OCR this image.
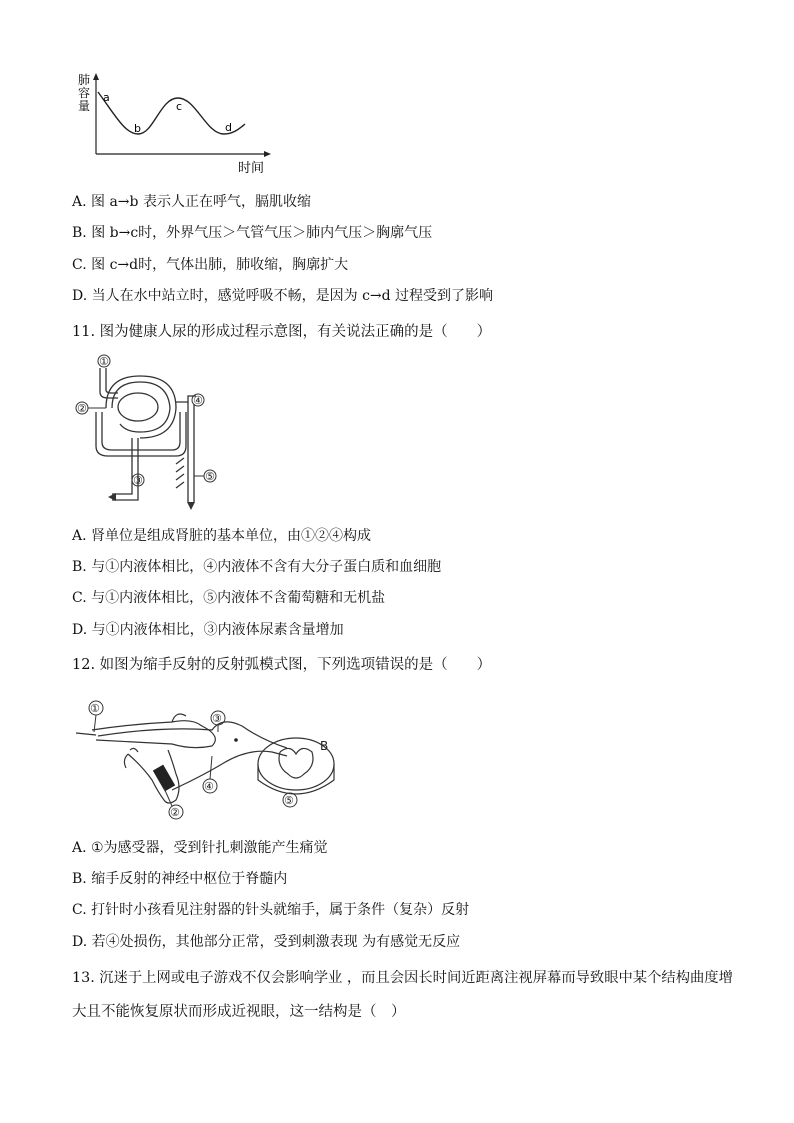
肺
容
量
a
b
c
d
时间
A. 图 a→b 表示人正在呼气，膈肌收缩
B. 图 b→c时，外界气压＞气管气压＞肺内气压＞胸廓气压
C. 图 c→d时，气体出肺，肺收缩，胸廓扩大
D. 当人在水中站立时，感觉呼吸不畅，是因为 c→d 过程受到了影响
11. 图为健康人尿的形成过程示意图，有关说法正确的是（　　）
①
②
④
⑤
③
A. 肾单位是组成肾脏的基本单位，由①②④构成
B. 与①内液体相比，④内液体不含有大分子蛋白质和血细胞
C. 与①内液体相比，⑤内液体不含葡萄糖和无机盐
D. 与①内液体相比，③内液体尿素含量增加
12. 如图为缩手反射的反射弧模式图，下列选项错误的是（　　）
①
③
④
②
⑤
B
A. ①为感受器，受到针扎刺激能产生痛觉
B. 缩手反射的神经中枢位于脊髓内
C. 打针时小孩看见注射器的针头就缩手，属于条件（复杂）反射
D. 若④处损伤，其他部分正常，受到刺激表现 为有感觉无反应
13. 沉迷于上网或电子游戏不仅会影响学业 ，而且会因长时间近距离注视屏幕而导致眼中某个结构曲度增
大且不能恢复原状而形成近视眼，这一结构是（　）
